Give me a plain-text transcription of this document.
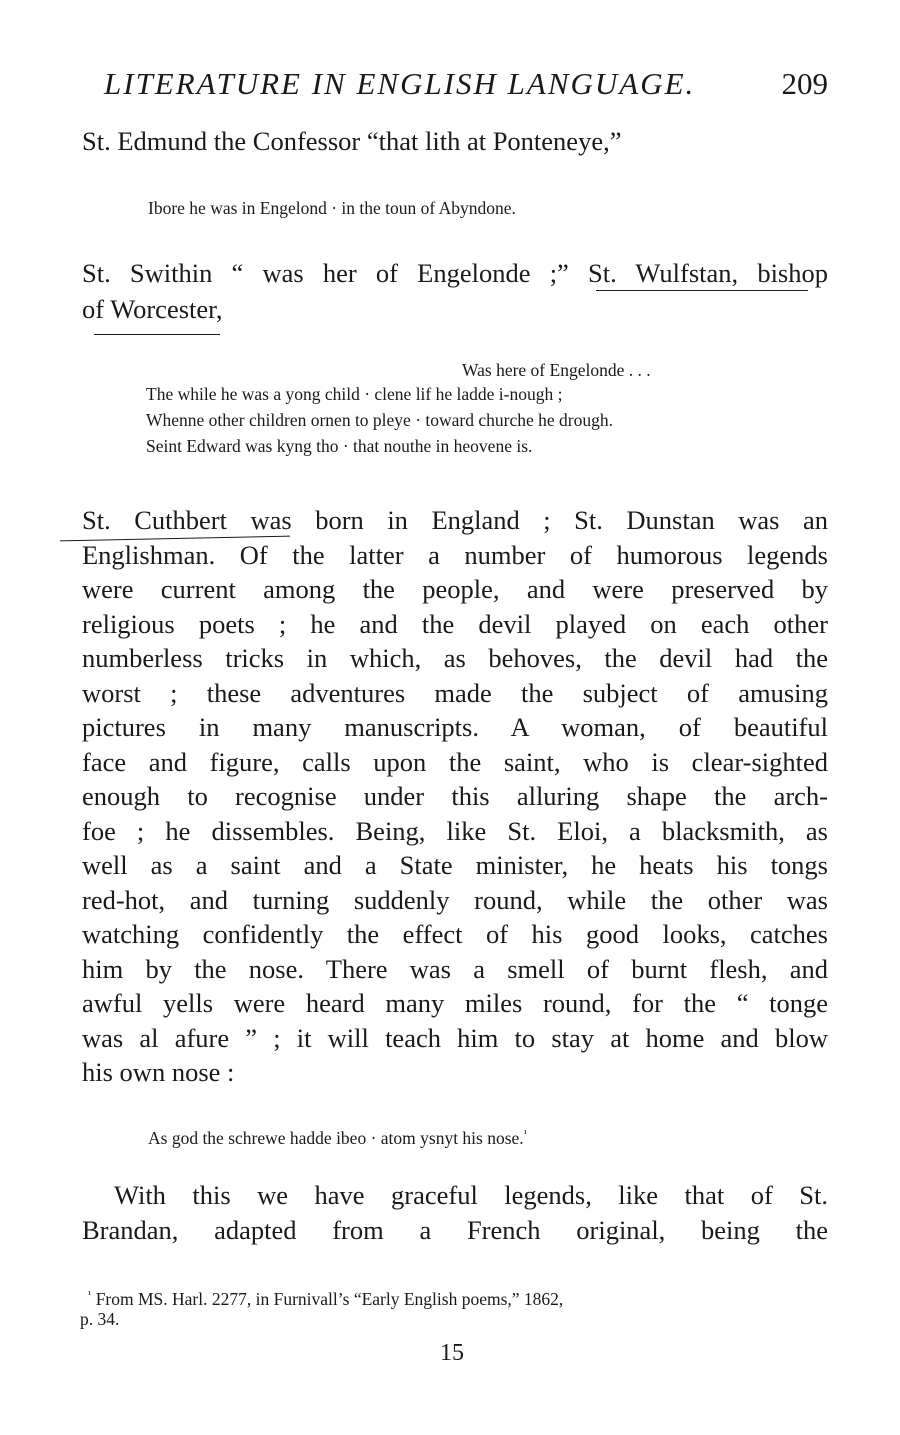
LITERATURE IN ENGLISH LANGUAGE.	209
St. Edmund the Confessor “that lith at Ponteneye,”
Ibore he was in Engelond · in the toun of Abyndone.
St. Swithin “ was her of Engelonde ;” St. Wulfstan, bishop
of Worcester,
Was here of Engelonde . . .
The while he was a yong child · clene lif he ladde i-nough ;
Whenne other children ornen to pleye · toward churche he drough.
Seint Edward was kyng tho · that nouthe in heovene is.
St. Cuthbert was born in England ; St. Dunstan was an
Englishman. Of the latter a number of humorous legends
were current among the people, and were preserved by
religious poets ; he and the devil played on each other
numberless tricks in which, as behoves, the devil had the
worst ; these adventures made the subject of amusing
pictures in many manuscripts. A woman, of beautiful
face and figure, calls upon the saint, who is clear-sighted
enough to recognise under this alluring shape the arch-
foe ; he dissembles. Being, like St. Eloi, a blacksmith, as
well as a saint and a State minister, he heats his tongs
red-hot, and turning suddenly round, while the other was
watching confidently the effect of his good looks, catches
him by the nose. There was a smell of burnt flesh, and
awful yells were heard many miles round, for the “ tonge
was al afure ” ; it will teach him to stay at home and blow
his own nose :
As god the schrewe hadde ibeo · atom ysnyt his nose.$^{^1}$
With this we have graceful legends, like that of St.
Brandan, adapted from a French original, being the
$^{^1}$ From MS. Harl. 2277, in Furnivall’s “Early English poems,” 1862,
p. 34.
15
